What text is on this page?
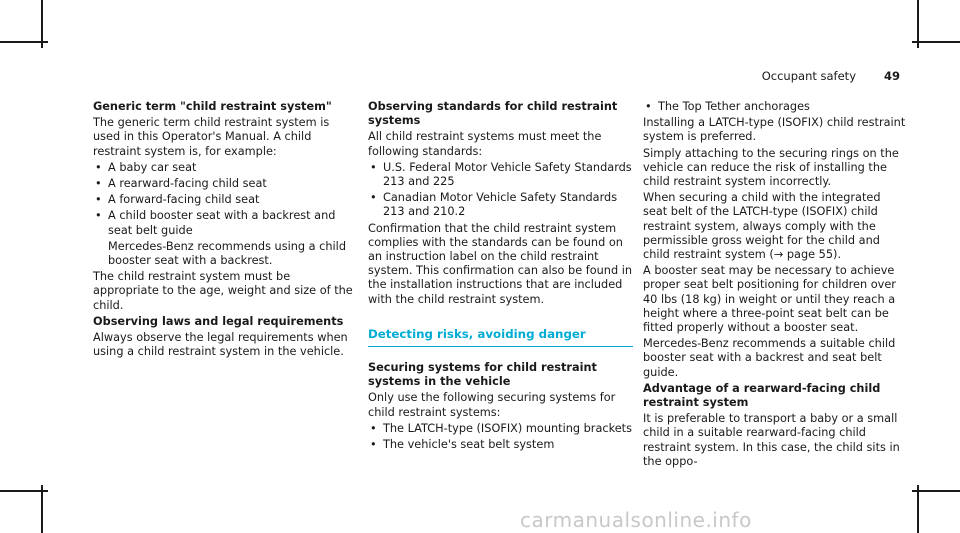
Occupant safety 49

Generic term "child restraint system"

The generic term child restraint system is used in this Operator's Manual. A child restraint system is, for example:

• A baby car seat
• A rearward-facing child seat
• A forward-facing child seat
• A child booster seat with a backrest and seat belt guide

Mercedes-Benz recommends using a child booster seat with a backrest.

The child restraint system must be appropriate to the age, weight and size of the child.

Observing laws and legal requirements

Always observe the legal requirements when using a child restraint system in the vehicle.

Observing standards for child restraint systems

All child restraint systems must meet the following standards:

• U.S. Federal Motor Vehicle Safety Standards 213 and 225
• Canadian Motor Vehicle Safety Standards 213 and 210.2

Confirmation that the child restraint system complies with the standards can be found on an instruction label on the child restraint system. This confirmation can also be found in the installation instructions that are included with the child restraint system.

Detecting risks, avoiding danger

Securing systems for child restraint systems in the vehicle

Only use the following securing systems for child restraint systems:

• The LATCH-type (ISOFIX) mounting brackets
• The vehicle's seat belt system
• The Top Tether anchorages

Installing a LATCH-type (ISOFIX) child restraint system is preferred.

Simply attaching to the securing rings on the vehicle can reduce the risk of installing the child restraint system incorrectly.

When securing a child with the integrated seat belt of the LATCH-type (ISOFIX) child restraint system, always comply with the permissible gross weight for the child and child restraint system (→ page 55).

A booster seat may be necessary to achieve proper seat belt positioning for children over 40 lbs (18 kg) in weight or until they reach a height where a three-point seat belt can be fitted properly without a booster seat.

Mercedes-Benz recommends a suitable child booster seat with a backrest and seat belt guide.

Advantage of a rearward-facing child restraint system

It is preferable to transport a baby or a small child in a suitable rearward-facing child restraint system. In this case, the child sits in the oppo-

carmanualsonline.info
